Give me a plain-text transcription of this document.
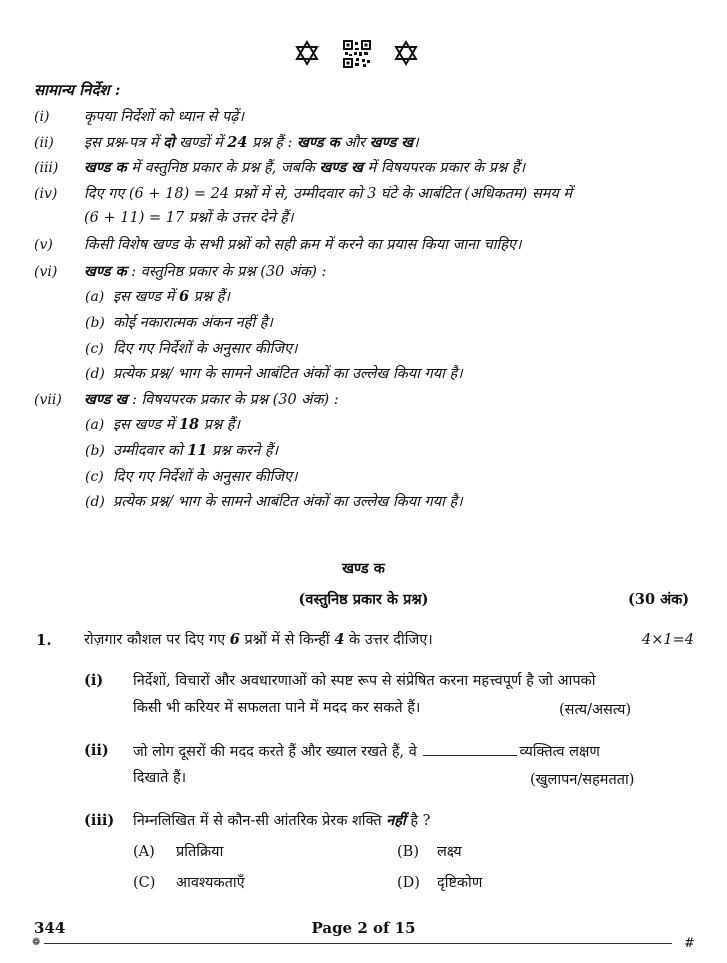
सामान्य निर्देश :
(i) कृपया निर्देशों को ध्यान से पढ़ें।
(ii) इस प्रश्न-पत्र में दो खण्डों में 24 प्रश्न हैं : खण्ड क और खण्ड ख।
(iii) खण्ड क में वस्तुनिष्ठ प्रकार के प्रश्न हैं, जबकि खण्ड ख में विषयपरक प्रकार के प्रश्न हैं।
(iv) दिए गए (6 + 18) = 24 प्रश्नों में से, उम्मीदवार को 3 घंटे के आबंटित (अधिकतम) समय में
(6 + 11) = 17 प्रश्नों के उत्तर देने हैं।
(v) किसी विशेष खण्ड के सभी प्रश्नों को सही क्रम में करने का प्रयास किया जाना चाहिए।
(vi) खण्ड क : वस्तुनिष्ठ प्रकार के प्रश्न (30 अंक) :
(a) इस खण्ड में 6 प्रश्न हैं।
(b) कोई नकारात्मक अंकन नहीं है।
(c) दिए गए निर्देशों के अनुसार कीजिए।
(d) प्रत्येक प्रश्न/ भाग के सामने आबंटित अंकों का उल्लेख किया गया है।
(vii) खण्ड ख : विषयपरक प्रकार के प्रश्न (30 अंक) :
(a) इस खण्ड में 18 प्रश्न हैं।
(b) उम्मीदवार को 11 प्रश्न करने हैं।
(c) दिए गए निर्देशों के अनुसार कीजिए।
(d) प्रत्येक प्रश्न/ भाग के सामने आबंटित अंकों का उल्लेख किया गया है।
खण्ड क
(वस्तुनिष्ठ प्रकार के प्रश्न)	(30 अंक)
1. रोज़गार कौशल पर दिए गए 6 प्रश्नों में से किन्हीं 4 के उत्तर दीजिए।	4×1=4
(i) निर्देशों, विचारों और अवधारणाओं को स्पष्ट रूप से संप्रेषित करना महत्त्वपूर्ण है जो आपको
किसी भी करियर में सफलता पाने में मदद कर सकते हैं।	(सत्य/असत्य)
(ii) जो लोग दूसरों की मदद करते हैं और ख्याल रखते हैं, वे	व्यक्तित्व लक्षण
दिखाते हैं।	(खुलापन/सहमतता)
(iii) निम्नलिखित में से कौन-सी आंतरिक प्रेरक शक्ति नहीं है ?
(A) प्रतिक्रिया	(B) लक्ष्य
(C) आवश्यकताएँ	(D) दृष्टिकोण
344	Page 2 of 15
❁	#
